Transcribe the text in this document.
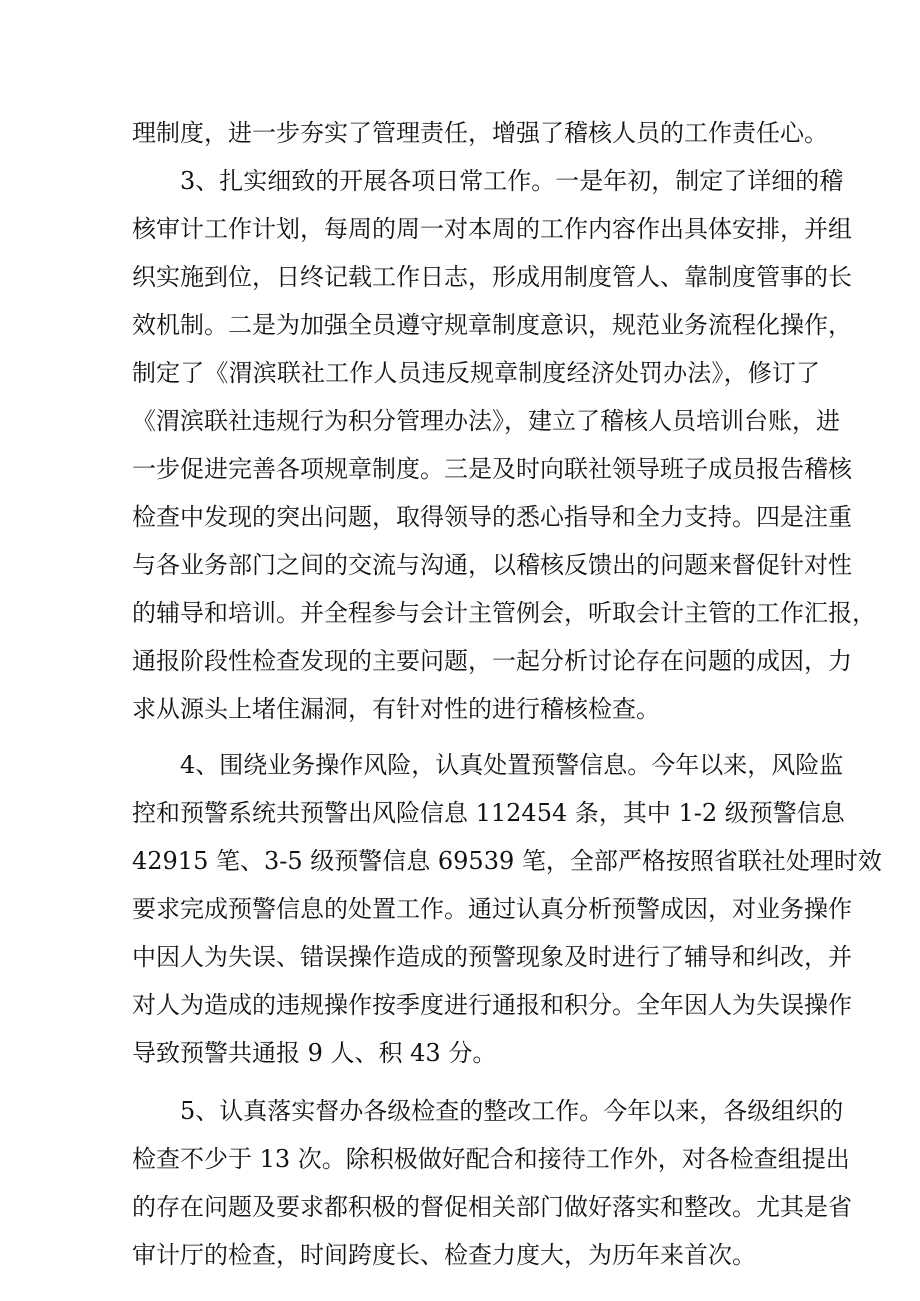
理制度，进一步夯实了管理责任，增强了稽核人员的工作责任心。
3、扎实细致的开展各项日常工作。一是年初，制定了详细的稽
核审计工作计划，每周的周一对本周的工作内容作出具体安排，并组
织实施到位，日终记载工作日志，形成用制度管人、靠制度管事的长
效机制。二是为加强全员遵守规章制度意识，规范业务流程化操作，
制定了《渭滨联社工作人员违反规章制度经济处罚办法》，修订了
《渭滨联社违规行为积分管理办法》，建立了稽核人员培训台账，进
一步促进完善各项规章制度。三是及时向联社领导班子成员报告稽核
检查中发现的突出问题，取得领导的悉心指导和全力支持。四是注重
与各业务部门之间的交流与沟通，以稽核反馈出的问题来督促针对性
的辅导和培训。并全程参与会计主管例会，听取会计主管的工作汇报，
通报阶段性检查发现的主要问题，一起分析讨论存在问题的成因，力
求从源头上堵住漏洞，有针对性的进行稽核检查。
4、围绕业务操作风险，认真处置预警信息。今年以来，风险监
控和预警系统共预警出风险信息 112454 条，其中 1-2 级预警信息
42915 笔、3-5 级预警信息 69539 笔，全部严格按照省联社处理时效
要求完成预警信息的处置工作。通过认真分析预警成因，对业务操作
中因人为失误、错误操作造成的预警现象及时进行了辅导和纠改，并
对人为造成的违规操作按季度进行通报和积分。全年因人为失误操作
导致预警共通报 9 人、积 43 分。
5、认真落实督办各级检查的整改工作。今年以来，各级组织的
检查不少于 13 次。除积极做好配合和接待工作外，对各检查组提出
的存在问题及要求都积极的督促相关部门做好落实和整改。尤其是省
审计厅的检查，时间跨度长、检查力度大，为历年来首次。
